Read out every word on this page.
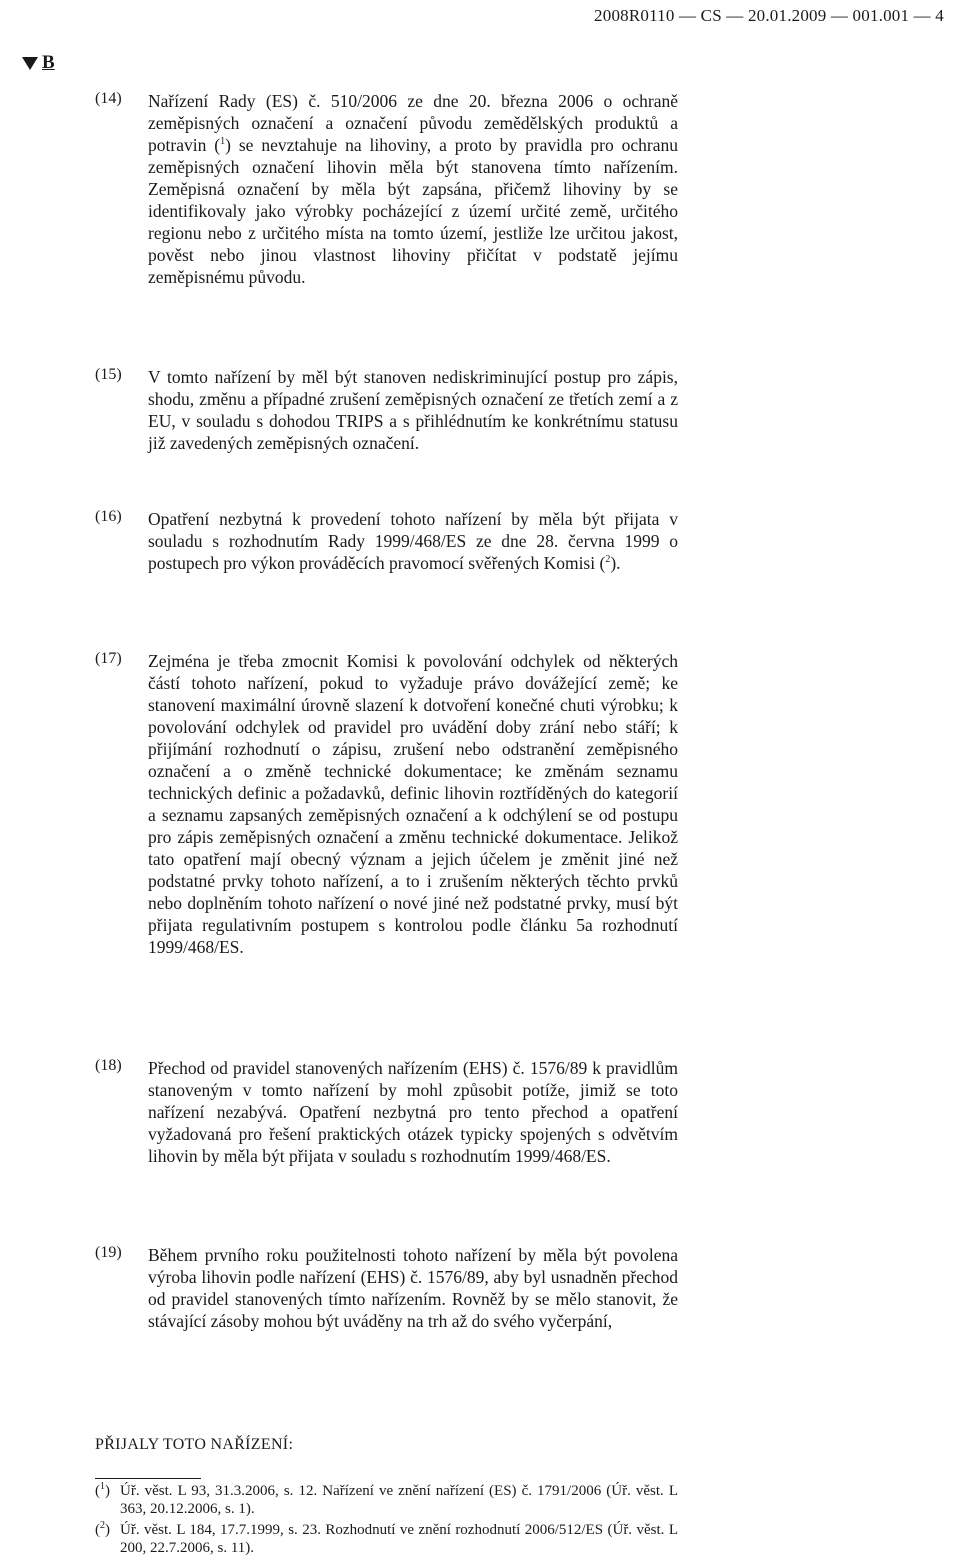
2008R0110 — CS — 20.01.2009 — 001.001 — 4
B
(14)	Nařízení Rady (ES) č. 510/2006 ze dne 20. března 2006 o ochraně zeměpisných označení a označení původu zemědělských produktů a potravin ($^1$) se nevztahuje na lihoviny, a proto by pravidla pro ochranu zeměpisných označení lihovin měla být stanovena tímto nařízením. Zeměpisná označení by měla být zapsána, přičemž lihoviny by se identifikovaly jako výrobky pocházející z území určité země, určitého regionu nebo z určitého místa na tomto území, jestliže lze určitou jakost, pověst nebo jinou vlastnost lihoviny přičítat v podstatě jejímu zeměpisnému původu.
(15)	V tomto nařízení by měl být stanoven nediskriminující postup pro zápis, shodu, změnu a případné zrušení zeměpisných označení ze třetích zemí a z EU, v souladu s dohodou TRIPS a s přihlédnutím ke konkrétnímu statusu již zavedených zeměpisných označení.
(16)	Opatření nezbytná k provedení tohoto nařízení by měla být přijata v souladu s rozhodnutím Rady 1999/468/ES ze dne 28. června 1999 o postupech pro výkon prováděcích pravomocí svěřených Komisi ($^2$).
(17)	Zejména je třeba zmocnit Komisi k povolování odchylek od některých částí tohoto nařízení, pokud to vyžaduje právo dovážející země; ke stanovení maximální úrovně slazení k dotvoření konečné chuti výrobku; k povolování odchylek od pravidel pro uvádění doby zrání nebo stáří; k přijímání rozhodnutí o zápisu, zrušení nebo odstranění zeměpisného označení a o změně technické dokumentace; ke změnám seznamu technických definic a požadavků, definic lihovin roztříděných do kategorií a seznamu zapsaných zeměpisných označení a k odchýlení se od postupu pro zápis zeměpisných označení a změnu technické dokumentace. Jelikož tato opatření mají obecný význam a jejich účelem je změnit jiné než podstatné prvky tohoto nařízení, a to i zrušením některých těchto prvků nebo doplněním tohoto nařízení o nové jiné než podstatné prvky, musí být přijata regulativním postupem s kontrolou podle článku 5a rozhodnutí 1999/468/ES.
(18)	Přechod od pravidel stanovených nařízením (EHS) č. 1576/89 k pravidlům stanoveným v tomto nařízení by mohl způsobit potíže, jimiž se toto nařízení nezabývá. Opatření nezbytná pro tento přechod a opatření vyžadovaná pro řešení praktických otázek typicky spojených s odvětvím lihovin by měla být přijata v souladu s rozhodnutím 1999/468/ES.
(19)	Během prvního roku použitelnosti tohoto nařízení by měla být povolena výroba lihovin podle nařízení (EHS) č. 1576/89, aby byl usnadněn přechod od pravidel stanovených tímto nařízením. Rovněž by se mělo stanovit, že stávající zásoby mohou být uváděny na trh až do svého vyčerpání,
PŘIJALY TOTO NAŘÍZENÍ:
($^1$) Úř. věst. L 93, 31.3.2006, s. 12. Nařízení ve znění nařízení (ES) č. 1791/2006 (Úř. věst. L 363, 20.12.2006, s. 1).
($^2$) Úř. věst. L 184, 17.7.1999, s. 23. Rozhodnutí ve znění rozhodnutí 2006/512/ES (Úř. věst. L 200, 22.7.2006, s. 11).
